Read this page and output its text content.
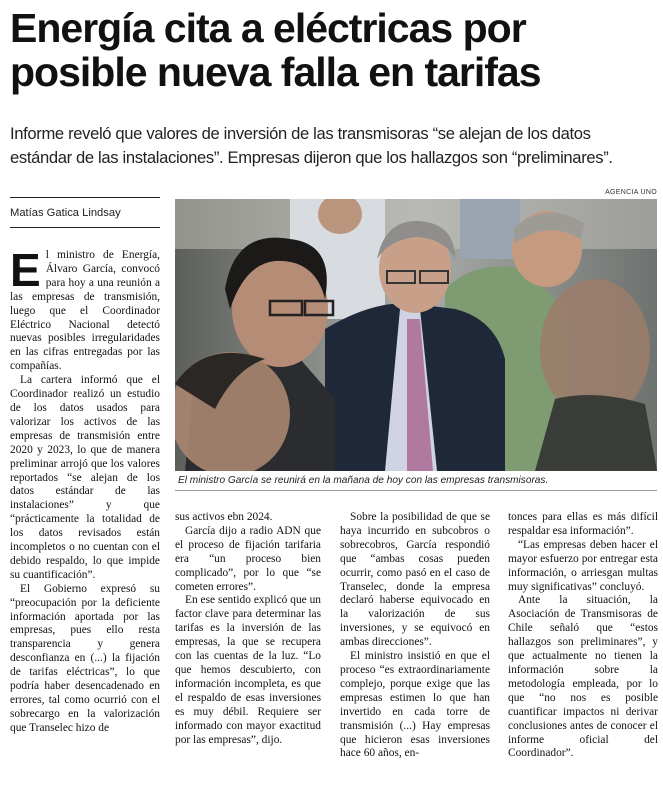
Energía cita a eléctricas por
posible nueva falla en tarifas
Informe reveló que valores de inversión de las transmisoras “se alejan de los datos estándar de las instalaciones”. Empresas dijeron que los hallazgos son “preliminares”.
Matías Gatica Lindsay
AGENCIA UNO
El ministro García se reunirá en la mañana de hoy con las empresas transmisoras.

El ministro de Energía, Álvaro García, convocó para hoy a una reunión a las empresas de transmisión, luego que el Coordinador Eléctrico Nacional detectó nuevas posibles irregularidades en las cifras entregadas por las compañías.

La cartera informó que el Coordinador realizó un estudio de los datos usados para valorizar los activos de las empresas de transmisión entre 2020 y 2023, lo que de manera preliminar arrojó que los valores reportados “se alejan de los datos estándar de las instalaciones” y que “prácticamente la totalidad de los datos revisados están incompletos o no cuentan con el debido respaldo, lo que impide su cuantificación”.

El Gobierno expresó su “preocupación por la deficiente información aportada por las empresas, pues ello resta transparencia y genera desconfianza en (...) la fijación de tarifas eléctricas”, lo que podría haber desencadenado en errores, tal como ocurrió con el sobrecargo en la valorización que Transelec hizo de

sus activos ebn 2024.

García dijo a radio ADN que el proceso de fijación tarifaria era “un proceso bien complicado”, por lo que “se cometen errores”.

En ese sentido explicó que un factor clave para determinar las tarifas es la inversión de las empresas, la que se recupera con las cuentas de la luz. “Lo que hemos descubierto, con información incompleta, es que el respaldo de esas inversiones es muy débil. Requiere ser informado con mayor exactitud por las empresas”, dijo.

Sobre la posibilidad de que se haya incurrido en subcobros o sobrecobros, García respondió que “ambas cosas pueden ocurrir, como pasó en el caso de Transelec, donde la empresa declaró haberse equivocado en la valorización de sus inversiones, y se equivocó en ambas direcciones”.

El ministro insistió en que el proceso “es extraordinariamente complejo, porque exige que las empresas estimen lo que han invertido en cada torre de transmisión (...) Hay empresas que hicieron esas inversiones hace 60 años, en-

tonces para ellas es más difícil respaldar esa información”.

“Las empresas deben hacer el mayor esfuerzo por entregar esta información, o arriesgan multas muy significativas” concluyó.

Ante la situación, la Asociación de Transmisoras de Chile señaló que “estos hallazgos son preliminares”, y que actualmente no tienen la información sobre la metodología empleada, por lo que “no nos es posible cuantificar impactos ni derivar conclusiones antes de conocer el informe oficial del Coordinador”.
